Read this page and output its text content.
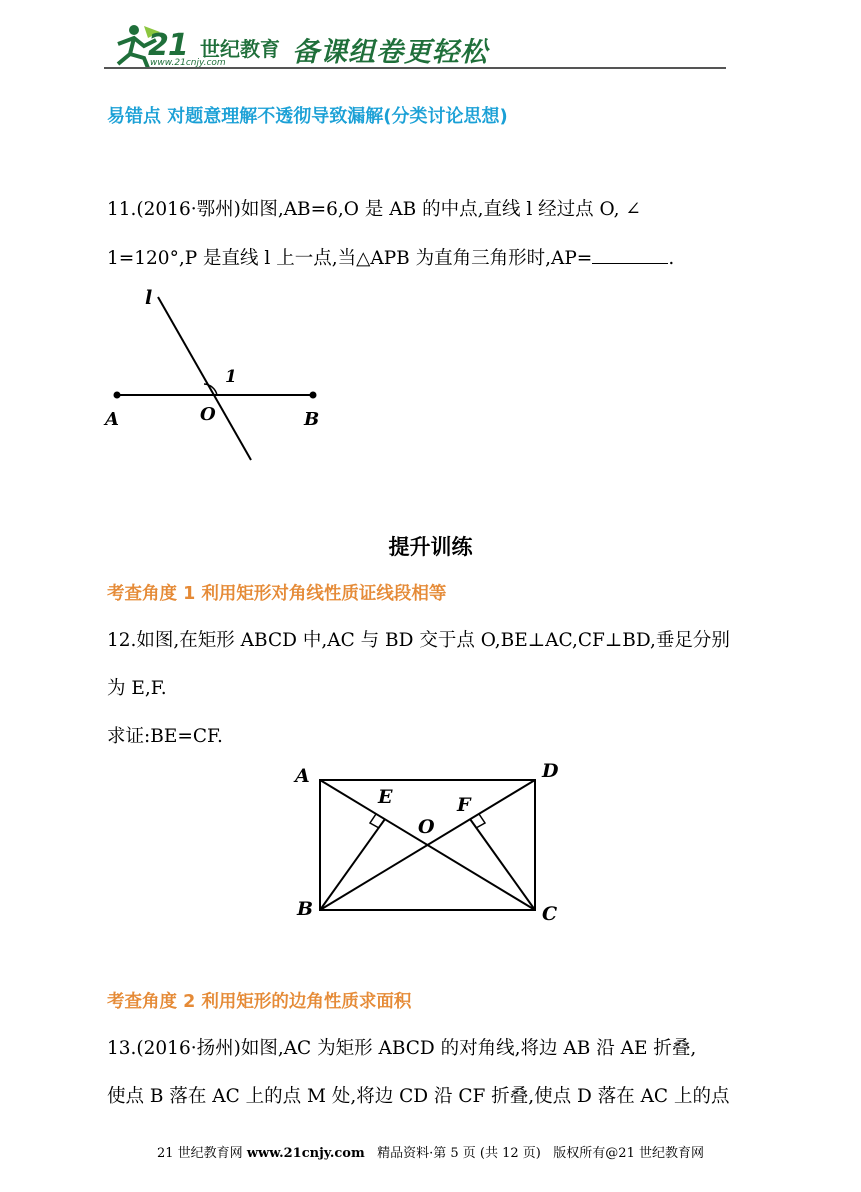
21 世纪教育
www.21cnjy.com 备课组卷更轻松
易错点 对题意理解不透彻导致漏解(分类讨论思想)
11.(2016·鄂州)如图,AB=6,O 是 AB 的中点,直线 l 经过点 O, ∠
1=120°,P 是直线 l 上一点,当△APB 为直角三角形时,AP=	.
l
1
A	O	B
提升训练
考查角度 1 利用矩形对角线性质证线段相等
12.如图,在矩形 ABCD 中,AC 与 BD 交于点 O,BE⊥AC,CF⊥BD,垂足分别
为 E,F.
求证:BE=CF.
A	D
B	C
E	F
O
考查角度 2 利用矩形的边角性质求面积
13.(2016·扬州)如图,AC 为矩形 ABCD 的对角线,将边 AB 沿 AE 折叠,
使点 B 落在 AC 上的点 M 处,将边 CD 沿 CF 折叠,使点 D 落在 AC 上的点
21 世纪教育网 www.21cnjy.com 精品资料·第 5 页 (共 12 页) 版权所有@21 世纪教育网
